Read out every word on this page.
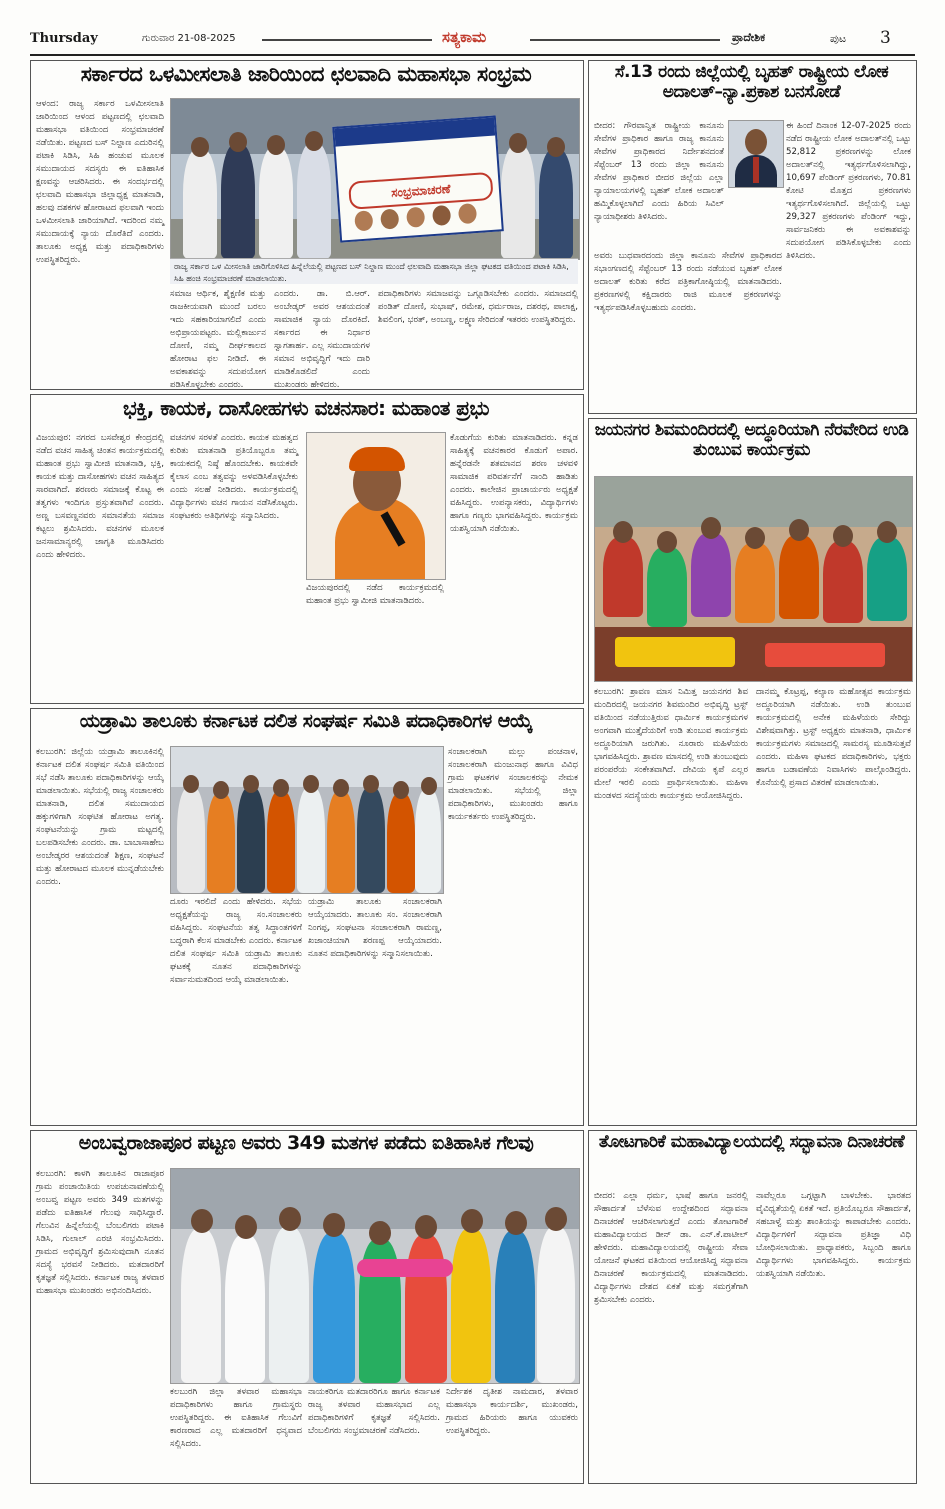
Thursday	ಗುರುವಾರ 21-08-2025	ಸತ್ಯಕಾಮ	ಪ್ರಾದೇಶಿಕ	ಪುಟ 3
ಸರ್ಕಾರದ ಒಳಮೀಸಲಾತಿ ಜಾರಿಯಿಂದ ಛಲವಾದಿ ಮಹಾಸಭಾ ಸಂಭ್ರಮ
ಆಳಂದ: ರಾಜ್ಯ ಸರ್ಕಾರ ಒಳಮೀಸಲಾತಿ ಜಾರಿಯಿಂದ ಆಳಂದ ಪಟ್ಟಣದಲ್ಲಿ ಛಲವಾದಿ ಮಹಾಸಭಾ ವತಿಯಿಂದ ಸಂಭ್ರಮಾಚರಣೆ ನಡೆಯಿತು. ಪಟ್ಟಣದ ಬಸ್ ನಿಲ್ದಾಣ ಎದುರಿನಲ್ಲಿ ಪಟಾಕಿ ಸಿಡಿಸಿ, ಸಿಹಿ ಹಂಚುವ ಮೂಲಕ ಸಮುದಾಯದ ಸದಸ್ಯರು ಈ ಐತಿಹಾಸಿಕ ಕ್ಷಣವನ್ನು ಆಚರಿಸಿದರು. ಈ ಸಂದರ್ಭದಲ್ಲಿ ಛಲವಾದಿ ಮಹಾಸಭಾ ಜಿಲ್ಲಾಧ್ಯಕ್ಷ ಮಾತನಾಡಿ, ಹಲವು ದಶಕಗಳ ಹೋರಾಟದ ಫಲವಾಗಿ ಇಂದು ಒಳಮೀಸಲಾತಿ ಜಾರಿಯಾಗಿದೆ. ಇದರಿಂದ ನಮ್ಮ ಸಮುದಾಯಕ್ಕೆ ನ್ಯಾಯ ದೊರೆತಿದೆ ಎಂದರು. ತಾಲೂಕು ಅಧ್ಯಕ್ಷ ಮತ್ತು ಪದಾಧಿಕಾರಿಗಳು ಉಪಸ್ಥಿತರಿದ್ದರು.
ಸಂಭ್ರಮಾಚರಣೆ
ರಾಜ್ಯ ಸರ್ಕಾರ ಒಳ ಮೀಸಲಾತಿ ಜಾರಿಗೊಳಿಸಿದ ಹಿನ್ನೆಲೆಯಲ್ಲಿ ಪಟ್ಟಣದ ಬಸ್ ನಿಲ್ದಾಣ ಮುಂದೆ ಛಲವಾದಿ ಮಹಾಸಭಾ ಜಿಲ್ಲಾ ಘಟಕದ ವತಿಯಿಂದ ಪಟಾಕಿ ಸಿಡಿಸಿ, ಸಿಹಿ ಹಂಚಿ ಸಂಭ್ರಮಾಚರಣೆ ಮಾಡಲಾಯಿತು.
ಸಮಾಜ ಆರ್ಥಿಕ, ಶೈಕ್ಷಣಿಕ ಮತ್ತು ರಾಜಕೀಯವಾಗಿ ಮುಂದೆ ಬರಲು ಇದು ಸಹಕಾರಿಯಾಗಲಿದೆ ಎಂದು ಅಭಿಪ್ರಾಯಪಟ್ಟರು. ಮಲ್ಲಿಕಾರ್ಜುನ ದೋಣಿ, ನಮ್ಮ ದೀರ್ಘಕಾಲದ ಹೋರಾಟ ಫಲ ನೀಡಿದೆ. ಈ ಅವಕಾಶವನ್ನು ಸದುಪಯೋಗ ಪಡಿಸಿಕೊಳ್ಳಬೇಕು ಎಂದರು.
ಎಂದರು. ಡಾ. ಬಿ.ಆರ್. ಅಂಬೇಡ್ಕರ್ ಅವರ ಆಶಯದಂತೆ ಸಾಮಾಜಿಕ ನ್ಯಾಯ ದೊರಕಿದೆ. ಸರ್ಕಾರದ ಈ ನಿರ್ಧಾರ ಸ್ವಾಗತಾರ್ಹ. ಎಲ್ಲ ಸಮುದಾಯಗಳ ಸಮಾನ ಅಭಿವೃದ್ಧಿಗೆ ಇದು ದಾರಿ ಮಾಡಿಕೊಡಲಿದೆ ಎಂದು ಮುಖಂಡರು ಹೇಳಿದರು.
ಪದಾಧಿಕಾರಿಗಳು ಸಮಾಜವನ್ನು ಒಗ್ಗೂಡಿಸಬೇಕು ಎಂದರು. ಸಮಾಜದಲ್ಲಿ ಪಂಡಿತ್ ದೋಣಿ, ಸುಭಾಷ್, ರಮೇಶ, ಧರ್ಮರಾಜ, ದಶರಥ, ಪಾಲಾಕ್ಷ, ಶಿವಲಿಂಗ, ಭರತ್, ಅಂಬಣ್ಣ, ಲಕ್ಷ್ಮಣ ಸೇರಿದಂತೆ ಇತರರು ಉಪಸ್ಥಿತರಿದ್ದರು.
ಸೆ.13 ರಂದು ಜಿಲ್ಲೆಯಲ್ಲಿ ಬೃಹತ್ ರಾಷ್ಟ್ರೀಯ ಲೋಕ ಅದಾಲತ್–ನ್ಯಾ.ಪ್ರಕಾಶ ಬನಸೋಡೆ
ಬೀದರ: ಗೌರವಾನ್ವಿತ ರಾಷ್ಟ್ರೀಯ ಕಾನೂನು ಸೇವೆಗಳ ಪ್ರಾಧಿಕಾರ ಹಾಗೂ ರಾಜ್ಯ ಕಾನೂನು ಸೇವೆಗಳ ಪ್ರಾಧಿಕಾರದ ನಿರ್ದೇಶನದಂತೆ ಸೆಪ್ಟೆಂಬರ್ 13 ರಂದು ಜಿಲ್ಲಾ ಕಾನೂನು ಸೇವೆಗಳ ಪ್ರಾಧಿಕಾರ ಬೀದರ ಜಿಲ್ಲೆಯ ಎಲ್ಲಾ ನ್ಯಾಯಾಲಯಗಳಲ್ಲಿ ಬೃಹತ್ ಲೋಕ ಅದಾಲತ್ ಹಮ್ಮಿಕೊಳ್ಳಲಾಗಿದೆ ಎಂದು ಹಿರಿಯ ಸಿವಿಲ್ ನ್ಯಾಯಾಧೀಶರು ತಿಳಿಸಿದರು.
ಈ ಹಿಂದೆ ದಿನಾಂಕ 12-07-2025 ರಂದು ನಡೆದ ರಾಷ್ಟ್ರೀಯ ಲೋಕ ಅದಾಲತ್‌ನಲ್ಲಿ ಒಟ್ಟು 52,812 ಪ್ರಕರಣಗಳನ್ನು ಲೋಕ ಅದಾಲತ್‌ನಲ್ಲಿ ಇತ್ಯರ್ಥಗೊಳಿಸಲಾಗಿದ್ದು, 10,697 ಪೆಂಡಿಂಗ್ ಪ್ರಕರಣಗಳು, 70.81 ಕೋಟಿ ಮೊತ್ತದ ಪ್ರಕರಣಗಳು ಇತ್ಯರ್ಥಗೊಳಿಸಲಾಗಿದೆ. ಜಿಲ್ಲೆಯಲ್ಲಿ ಒಟ್ಟು 29,327 ಪ್ರಕರಣಗಳು ಪೆಂಡಿಂಗ್ ಇದ್ದು, ಸಾರ್ವಜನಿಕರು ಈ ಅವಕಾಶವನ್ನು ಸದುಪಯೋಗ ಪಡಿಸಿಕೊಳ್ಳಬೇಕು ಎಂದು ತಿಳಿಸಿದರು.
ಅವರು ಬುಧವಾರದಂದು ಜಿಲ್ಲಾ ಕಾನೂನು ಸೇವೆಗಳ ಪ್ರಾಧಿಕಾರದ ಸಭಾಂಗಣದಲ್ಲಿ ಸೆಪ್ಟೆಂಬರ್ 13 ರಂದು ನಡೆಯುವ ಬೃಹತ್ ಲೋಕ ಅದಾಲತ್ ಕುರಿತು ಕರೆದ ಪತ್ರಿಕಾಗೋಷ್ಠಿಯಲ್ಲಿ ಮಾತನಾಡಿದರು. ಪ್ರಕರಣಗಳಲ್ಲಿ ಕಕ್ಷಿದಾರರು ರಾಜಿ ಮೂಲಕ ಪ್ರಕರಣಗಳನ್ನು ಇತ್ಯರ್ಥಪಡಿಸಿಕೊಳ್ಳಬಹುದು ಎಂದರು.
ಭಕ್ತಿ, ಕಾಯಕ, ದಾಸೋಹಗಳು ವಚನಸಾರ: ಮಹಾಂತ ಪ್ರಭು
ವಿಜಯಪುರ: ನಗರದ ಬಸವೇಶ್ವರ ಕೇಂದ್ರದಲ್ಲಿ ನಡೆದ ವಚನ ಸಾಹಿತ್ಯ ಚಿಂತನ ಕಾರ್ಯಕ್ರಮದಲ್ಲಿ ಮಹಾಂತ ಪ್ರಭು ಸ್ವಾಮೀಜಿ ಮಾತನಾಡಿ, ಭಕ್ತಿ, ಕಾಯಕ ಮತ್ತು ದಾಸೋಹಗಳು ವಚನ ಸಾಹಿತ್ಯದ ಸಾರವಾಗಿದೆ. ಶರಣರು ಸಮಾಜಕ್ಕೆ ಕೊಟ್ಟ ಈ ತತ್ವಗಳು ಇಂದಿಗೂ ಪ್ರಸ್ತುತವಾಗಿವೆ ಎಂದರು. ಅಣ್ಣ ಬಸವಣ್ಣನವರು ಸಮಾನತೆಯ ಸಮಾಜ ಕಟ್ಟಲು ಶ್ರಮಿಸಿದರು. ವಚನಗಳ ಮೂಲಕ ಜನಸಾಮಾನ್ಯರಲ್ಲಿ ಜಾಗೃತಿ ಮೂಡಿಸಿದರು ಎಂದು ಹೇಳಿದರು.
ವಚನಗಳ ಸರಳತೆ ಎಂದರು. ಕಾಯಕ ಮಹತ್ವದ ಕುರಿತು ಮಾತನಾಡಿ ಪ್ರತಿಯೊಬ್ಬರೂ ತಮ್ಮ ಕಾಯಕದಲ್ಲಿ ನಿಷ್ಠೆ ಹೊಂದಬೇಕು. ಕಾಯಕವೇ ಕೈಲಾಸ ಎಂಬ ತತ್ವವನ್ನು ಅಳವಡಿಸಿಕೊಳ್ಳಬೇಕು ಎಂದು ಸಲಹೆ ನೀಡಿದರು. ಕಾರ್ಯಕ್ರಮದಲ್ಲಿ ವಿದ್ಯಾರ್ಥಿಗಳು ವಚನ ಗಾಯನ ನಡೆಸಿಕೊಟ್ಟರು. ಸಂಘಟಕರು ಅತಿಥಿಗಳನ್ನು ಸನ್ಮಾನಿಸಿದರು.
ವಿಜಯಪುರದಲ್ಲಿ ನಡೆದ ಕಾರ್ಯಕ್ರಮದಲ್ಲಿ ಮಹಾಂತ ಪ್ರಭು ಸ್ವಾಮೀಜಿ ಮಾತನಾಡಿದರು.
ಕೊಡುಗೆಯ ಕುರಿತು ಮಾತನಾಡಿದರು. ಕನ್ನಡ ಸಾಹಿತ್ಯಕ್ಕೆ ವಚನಕಾರರ ಕೊಡುಗೆ ಅಪಾರ. ಹನ್ನೆರಡನೇ ಶತಮಾನದ ಶರಣ ಚಳವಳಿ ಸಾಮಾಜಿಕ ಪರಿವರ್ತನೆಗೆ ನಾಂದಿ ಹಾಡಿತು ಎಂದರು. ಕಾಲೇಜಿನ ಪ್ರಾಚಾರ್ಯರು ಅಧ್ಯಕ್ಷತೆ ವಹಿಸಿದ್ದರು. ಉಪನ್ಯಾಸಕರು, ವಿದ್ಯಾರ್ಥಿಗಳು ಹಾಗೂ ಗಣ್ಯರು ಭಾಗವಹಿಸಿದ್ದರು. ಕಾರ್ಯಕ್ರಮ ಯಶಸ್ವಿಯಾಗಿ ನಡೆಯಿತು.
ಜಯನಗರ ಶಿವಮಂದಿರದಲ್ಲಿ ಅದ್ಧೂರಿಯಾಗಿ ನೆರವೇರಿದ ಉಡಿ ತುಂಬುವ ಕಾರ್ಯಕ್ರಮ
ಕಲಬುರಗಿ: ಶ್ರಾವಣ ಮಾಸ ನಿಮಿತ್ತ ಜಯನಗರ ಶಿವ ಮಂದಿರದಲ್ಲಿ ಜಯನಗರ ಶಿವಮಂದಿರ ಅಭಿವೃದ್ಧಿ ಟ್ರಸ್ಟ್ ವತಿಯಿಂದ ನಡೆಯುತ್ತಿರುವ ಧಾರ್ಮಿಕ ಕಾರ್ಯಕ್ರಮಗಳ ಅಂಗವಾಗಿ ಮುತ್ತೈದೆಯರಿಗೆ ಉಡಿ ತುಂಬುವ ಕಾರ್ಯಕ್ರಮ ಅದ್ಧೂರಿಯಾಗಿ ಜರುಗಿತು. ನೂರಾರು ಮಹಿಳೆಯರು ಭಾಗವಹಿಸಿದ್ದರು. ಶ್ರಾವಣ ಮಾಸದಲ್ಲಿ ಉಡಿ ತುಂಬುವುದು ಪರಂಪರೆಯ ಸಂಕೇತವಾಗಿದೆ. ದೇವಿಯ ಕೃಪೆ ಎಲ್ಲರ ಮೇಲೆ ಇರಲಿ ಎಂದು ಪ್ರಾರ್ಥಿಸಲಾಯಿತು. ಮಹಿಳಾ ಮಂಡಳದ ಸದಸ್ಯೆಯರು ಕಾರ್ಯಕ್ರಮ ಆಯೋಜಿಸಿದ್ದರು.
ದಾನಮ್ಮ ಕೊಟ್ರಪ್ಪ, ಕಲ್ಯಾಣ ಮಹೋತ್ಸವ ಕಾರ್ಯಕ್ರಮ ಅದ್ಧೂರಿಯಾಗಿ ನಡೆಯಿತು. ಉಡಿ ತುಂಬುವ ಕಾರ್ಯಕ್ರಮದಲ್ಲಿ ಅನೇಕ ಮಹಿಳೆಯರು ಸೇರಿದ್ದು ವಿಶೇಷವಾಗಿತ್ತು. ಟ್ರಸ್ಟ್ ಅಧ್ಯಕ್ಷರು ಮಾತನಾಡಿ, ಧಾರ್ಮಿಕ ಕಾರ್ಯಕ್ರಮಗಳು ಸಮಾಜದಲ್ಲಿ ಸಾಮರಸ್ಯ ಮೂಡಿಸುತ್ತವೆ ಎಂದರು. ಮಹಿಳಾ ಘಟಕದ ಪದಾಧಿಕಾರಿಗಳು, ಭಕ್ತರು ಹಾಗೂ ಬಡಾವಣೆಯ ನಿವಾಸಿಗಳು ಪಾಲ್ಗೊಂಡಿದ್ದರು. ಕೊನೆಯಲ್ಲಿ ಪ್ರಸಾದ ವಿತರಣೆ ಮಾಡಲಾಯಿತು.
ಯಡ್ರಾಮಿ ತಾಲೂಕು ಕರ್ನಾಟಕ ದಲಿತ ಸಂಘರ್ಷ ಸಮಿತಿ ಪದಾಧಿಕಾರಿಗಳ ಆಯ್ಕೆ
ಕಲಬುರಗಿ: ಜಿಲ್ಲೆಯ ಯಡ್ರಾಮಿ ತಾಲೂಕಿನಲ್ಲಿ ಕರ್ನಾಟಕ ದಲಿತ ಸಂಘರ್ಷ ಸಮಿತಿ ವತಿಯಿಂದ ಸಭೆ ನಡೆಸಿ ತಾಲೂಕು ಪದಾಧಿಕಾರಿಗಳನ್ನು ಆಯ್ಕೆ ಮಾಡಲಾಯಿತು. ಸಭೆಯಲ್ಲಿ ರಾಜ್ಯ ಸಂಚಾಲಕರು ಮಾತನಾಡಿ, ದಲಿತ ಸಮುದಾಯದ ಹಕ್ಕುಗಳಿಗಾಗಿ ಸಂಘಟಿತ ಹೋರಾಟ ಅಗತ್ಯ. ಸಂಘಟನೆಯನ್ನು ಗ್ರಾಮ ಮಟ್ಟದಲ್ಲಿ ಬಲಪಡಿಸಬೇಕು ಎಂದರು. ಡಾ. ಬಾಬಾಸಾಹೇಬ ಅಂಬೇಡ್ಕರರ ಆಶಯದಂತೆ ಶಿಕ್ಷಣ, ಸಂಘಟನೆ ಮತ್ತು ಹೋರಾಟದ ಮೂಲಕ ಮುನ್ನಡೆಯಬೇಕು ಎಂದರು.
ದೂರು ಇರಲಿದೆ ಎಂದು ಹೇಳಿದರು. ಸಭೆಯ ಅಧ್ಯಕ್ಷತೆಯನ್ನು ರಾಜ್ಯ ಸಂ.ಸಂಚಾಲಕರು ವಹಿಸಿದ್ದರು. ಸಂಘಟನೆಯ ತತ್ವ ಸಿದ್ಧಾಂತಗಳಿಗೆ ಬದ್ಧರಾಗಿ ಕೆಲಸ ಮಾಡಬೇಕು ಎಂದರು. ಕರ್ನಾಟಕ ದಲಿತ ಸಂಘರ್ಷ ಸಮಿತಿ ಯಡ್ರಾಮಿ ತಾಲೂಕು ಘಟಕಕ್ಕೆ ನೂತನ ಪದಾಧಿಕಾರಿಗಳನ್ನು ಸರ್ವಾನುಮತದಿಂದ ಆಯ್ಕೆ ಮಾಡಲಾಯಿತು.
ಯಡ್ರಾಮಿ ತಾಲೂಕು ಸಂಚಾಲಕರಾಗಿ ಆಯ್ಕೆಯಾದರು. ತಾಲೂಕು ಸಂ. ಸಂಚಾಲಕರಾಗಿ ನಿಂಗಪ್ಪ, ಸಂಘಟನಾ ಸಂಚಾಲಕರಾಗಿ ರಾಮಣ್ಣ, ಖಜಾಂಚಿಯಾಗಿ ಶರಣಪ್ಪ ಆಯ್ಕೆಯಾದರು. ನೂತನ ಪದಾಧಿಕಾರಿಗಳನ್ನು ಸನ್ಮಾನಿಸಲಾಯಿತು.
ಸಂಚಾಲಕರಾಗಿ ಮಲ್ಲು ಪಂಚನಾಳ, ಸಂಚಾಲಕರಾಗಿ ಮಂಜುನಾಥ ಹಾಗೂ ವಿವಿಧ ಗ್ರಾಮ ಘಟಕಗಳ ಸಂಚಾಲಕರನ್ನು ನೇಮಕ ಮಾಡಲಾಯಿತು. ಸಭೆಯಲ್ಲಿ ಜಿಲ್ಲಾ ಪದಾಧಿಕಾರಿಗಳು, ಮುಖಂಡರು ಹಾಗೂ ಕಾರ್ಯಕರ್ತರು ಉಪಸ್ಥಿತರಿದ್ದರು.
ಅಂಬವ್ವರಾಜಾಪೂರ ಪಟ್ಟಣ ಅವರು 349 ಮತಗಳ ಪಡೆದು ಐತಿಹಾಸಿಕ ಗೆಲವು
ಕಲಬುರಗಿ: ಕಾಳಗಿ ತಾಲೂಕಿನ ರಾಜಾಪೂರ ಗ್ರಾಮ ಪಂಚಾಯಿತಿಯ ಉಪಚುನಾವಣೆಯಲ್ಲಿ ಅಂಬವ್ವ ಪಟ್ಟಣ ಅವರು 349 ಮತಗಳನ್ನು ಪಡೆದು ಐತಿಹಾಸಿಕ ಗೆಲುವು ಸಾಧಿಸಿದ್ದಾರೆ. ಗೆಲುವಿನ ಹಿನ್ನೆಲೆಯಲ್ಲಿ ಬೆಂಬಲಿಗರು ಪಟಾಕಿ ಸಿಡಿಸಿ, ಗುಲಾಲ್ ಎರಚಿ ಸಂಭ್ರಮಿಸಿದರು. ಗ್ರಾಮದ ಅಭಿವೃದ್ಧಿಗೆ ಶ್ರಮಿಸುವುದಾಗಿ ನೂತನ ಸದಸ್ಯೆ ಭರವಸೆ ನೀಡಿದರು. ಮತದಾರರಿಗೆ ಕೃತಜ್ಞತೆ ಸಲ್ಲಿಸಿದರು. ಕರ್ನಾಟಕ ರಾಜ್ಯ ತಳವಾರ ಮಹಾಸಭಾ ಮುಖಂಡರು ಅಭಿನಂದಿಸಿದರು.
ಕಲಬುರಗಿ ಜಿಲ್ಲಾ ತಳವಾರ ಮಹಾಸಭಾ ಪದಾಧಿಕಾರಿಗಳು ಹಾಗೂ ಗ್ರಾಮಸ್ಥರು ಉಪಸ್ಥಿತರಿದ್ದರು. ಈ ಐತಿಹಾಸಿಕ ಗೆಲುವಿಗೆ ಕಾರಣರಾದ ಎಲ್ಲ ಮತದಾರರಿಗೆ ಧನ್ಯವಾದ ಸಲ್ಲಿಸಿದರು.
ನಾಯಕರಿಗೂ ಮತದಾರರಿಗೂ ಹಾಗೂ ಕರ್ನಾಟಕ ರಾಜ್ಯ ತಳವಾರ ಮಹಾಸಭಾದ ಎಲ್ಲ ಪದಾಧಿಕಾರಿಗಳಿಗೆ ಕೃತಜ್ಞತೆ ಸಲ್ಲಿಸಿದರು. ಬೆಂಬಲಿಗರು ಸಂಭ್ರಮಾಚರಣೆ ನಡೆಸಿದರು.
ನಿರ್ದೇಶಕ ದೃತೀಶ ನಾಮದಾರ, ತಳವಾರ ಮಹಾಸಭಾ ಕಾರ್ಯದರ್ಶಿ, ಮುಖಂಡರು, ಗ್ರಾಮದ ಹಿರಿಯರು ಹಾಗೂ ಯುವಕರು ಉಪಸ್ಥಿತರಿದ್ದರು.
ತೋಟಗಾರಿಕೆ ಮಹಾವಿದ್ಯಾಲಯದಲ್ಲಿ ಸದ್ಭಾವನಾ ದಿನಾಚರಣೆ
ಬೀದರ: ಎಲ್ಲಾ ಧರ್ಮ, ಭಾಷೆ ಹಾಗೂ ಜನರಲ್ಲಿ ಸೌಹಾರ್ದತೆ ಬೆಳೆಸುವ ಉದ್ದೇಶದಿಂದ ಸದ್ಭಾವನಾ ದಿನಾಚರಣೆ ಆಚರಿಸಲಾಗುತ್ತದೆ ಎಂದು ತೋಟಗಾರಿಕೆ ಮಹಾವಿದ್ಯಾಲಯದ ಡೀನ್ ಡಾ. ಎನ್.ಕೆ.ಪಾಟೀಲ್ ಹೇಳಿದರು. ಮಹಾವಿದ್ಯಾಲಯದಲ್ಲಿ ರಾಷ್ಟ್ರೀಯ ಸೇವಾ ಯೋಜನೆ ಘಟಕದ ವತಿಯಿಂದ ಆಯೋಜಿಸಿದ್ದ ಸದ್ಭಾವನಾ ದಿನಾಚರಣೆ ಕಾರ್ಯಕ್ರಮದಲ್ಲಿ ಮಾತನಾಡಿದರು. ವಿದ್ಯಾರ್ಥಿಗಳು ದೇಶದ ಏಕತೆ ಮತ್ತು ಸಮಗ್ರತೆಗಾಗಿ ಶ್ರಮಿಸಬೇಕು ಎಂದರು.
ನಾವೆಲ್ಲರೂ ಒಗ್ಗಟ್ಟಾಗಿ ಬಾಳಬೇಕು. ಭಾರತದ ವೈವಿಧ್ಯತೆಯಲ್ಲಿ ಏಕತೆ ಇದೆ. ಪ್ರತಿಯೊಬ್ಬರೂ ಸೌಹಾರ್ದತೆ, ಸಹಬಾಳ್ವೆ ಮತ್ತು ಶಾಂತಿಯನ್ನು ಕಾಪಾಡಬೇಕು ಎಂದರು. ವಿದ್ಯಾರ್ಥಿಗಳಿಗೆ ಸದ್ಭಾವನಾ ಪ್ರತಿಜ್ಞಾ ವಿಧಿ ಬೋಧಿಸಲಾಯಿತು. ಪ್ರಾಧ್ಯಾಪಕರು, ಸಿಬ್ಬಂದಿ ಹಾಗೂ ವಿದ್ಯಾರ್ಥಿಗಳು ಭಾಗವಹಿಸಿದ್ದರು. ಕಾರ್ಯಕ್ರಮ ಯಶಸ್ವಿಯಾಗಿ ನಡೆಯಿತು.
